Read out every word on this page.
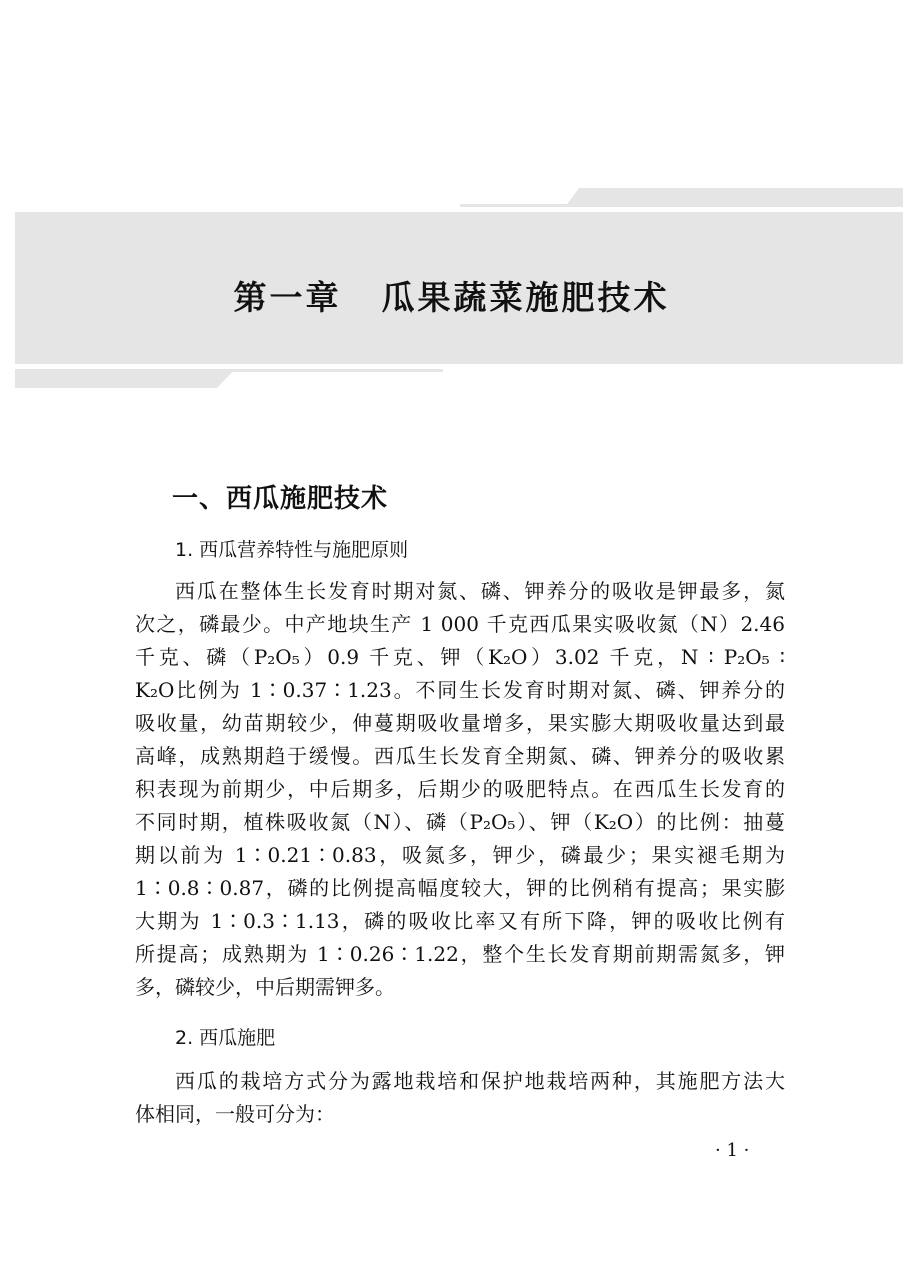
第一章 瓜果蔬菜施肥技术
一、西瓜施肥技术
1. 西瓜营养特性与施肥原则
西瓜在整体生长发育时期对氮、磷、钾养分的吸收是钾最多，氮
次之，磷最少。中产地块生产 1 000 千克西瓜果实吸收氮（N）2.46
千克、磷（P₂O₅）0.9 千克、钾（K₂O）3.02 千克，N ∶ P₂O₅ ∶
K₂O比例为 1∶0.37∶1.23。不同生长发育时期对氮、磷、钾养分的
吸收量，幼苗期较少，伸蔓期吸收量增多，果实膨大期吸收量达到最
高峰，成熟期趋于缓慢。西瓜生长发育全期氮、磷、钾养分的吸收累
积表现为前期少，中后期多，后期少的吸肥特点。在西瓜生长发育的
不同时期，植株吸收氮（N）、磷（P₂O₅）、钾（K₂O）的比例：抽蔓
期以前为 1∶0.21∶0.83，吸氮多，钾少，磷最少；果实褪毛期为
1∶0.8∶0.87，磷的比例提高幅度较大，钾的比例稍有提高；果实膨
大期为 1∶0.3∶1.13，磷的吸收比率又有所下降，钾的吸收比例有
所提高；成熟期为 1∶0.26∶1.22，整个生长发育期前期需氮多，钾
多，磷较少，中后期需钾多。
2. 西瓜施肥
西瓜的栽培方式分为露地栽培和保护地栽培两种，其施肥方法大
体相同，一般可分为：
· 1 ·
